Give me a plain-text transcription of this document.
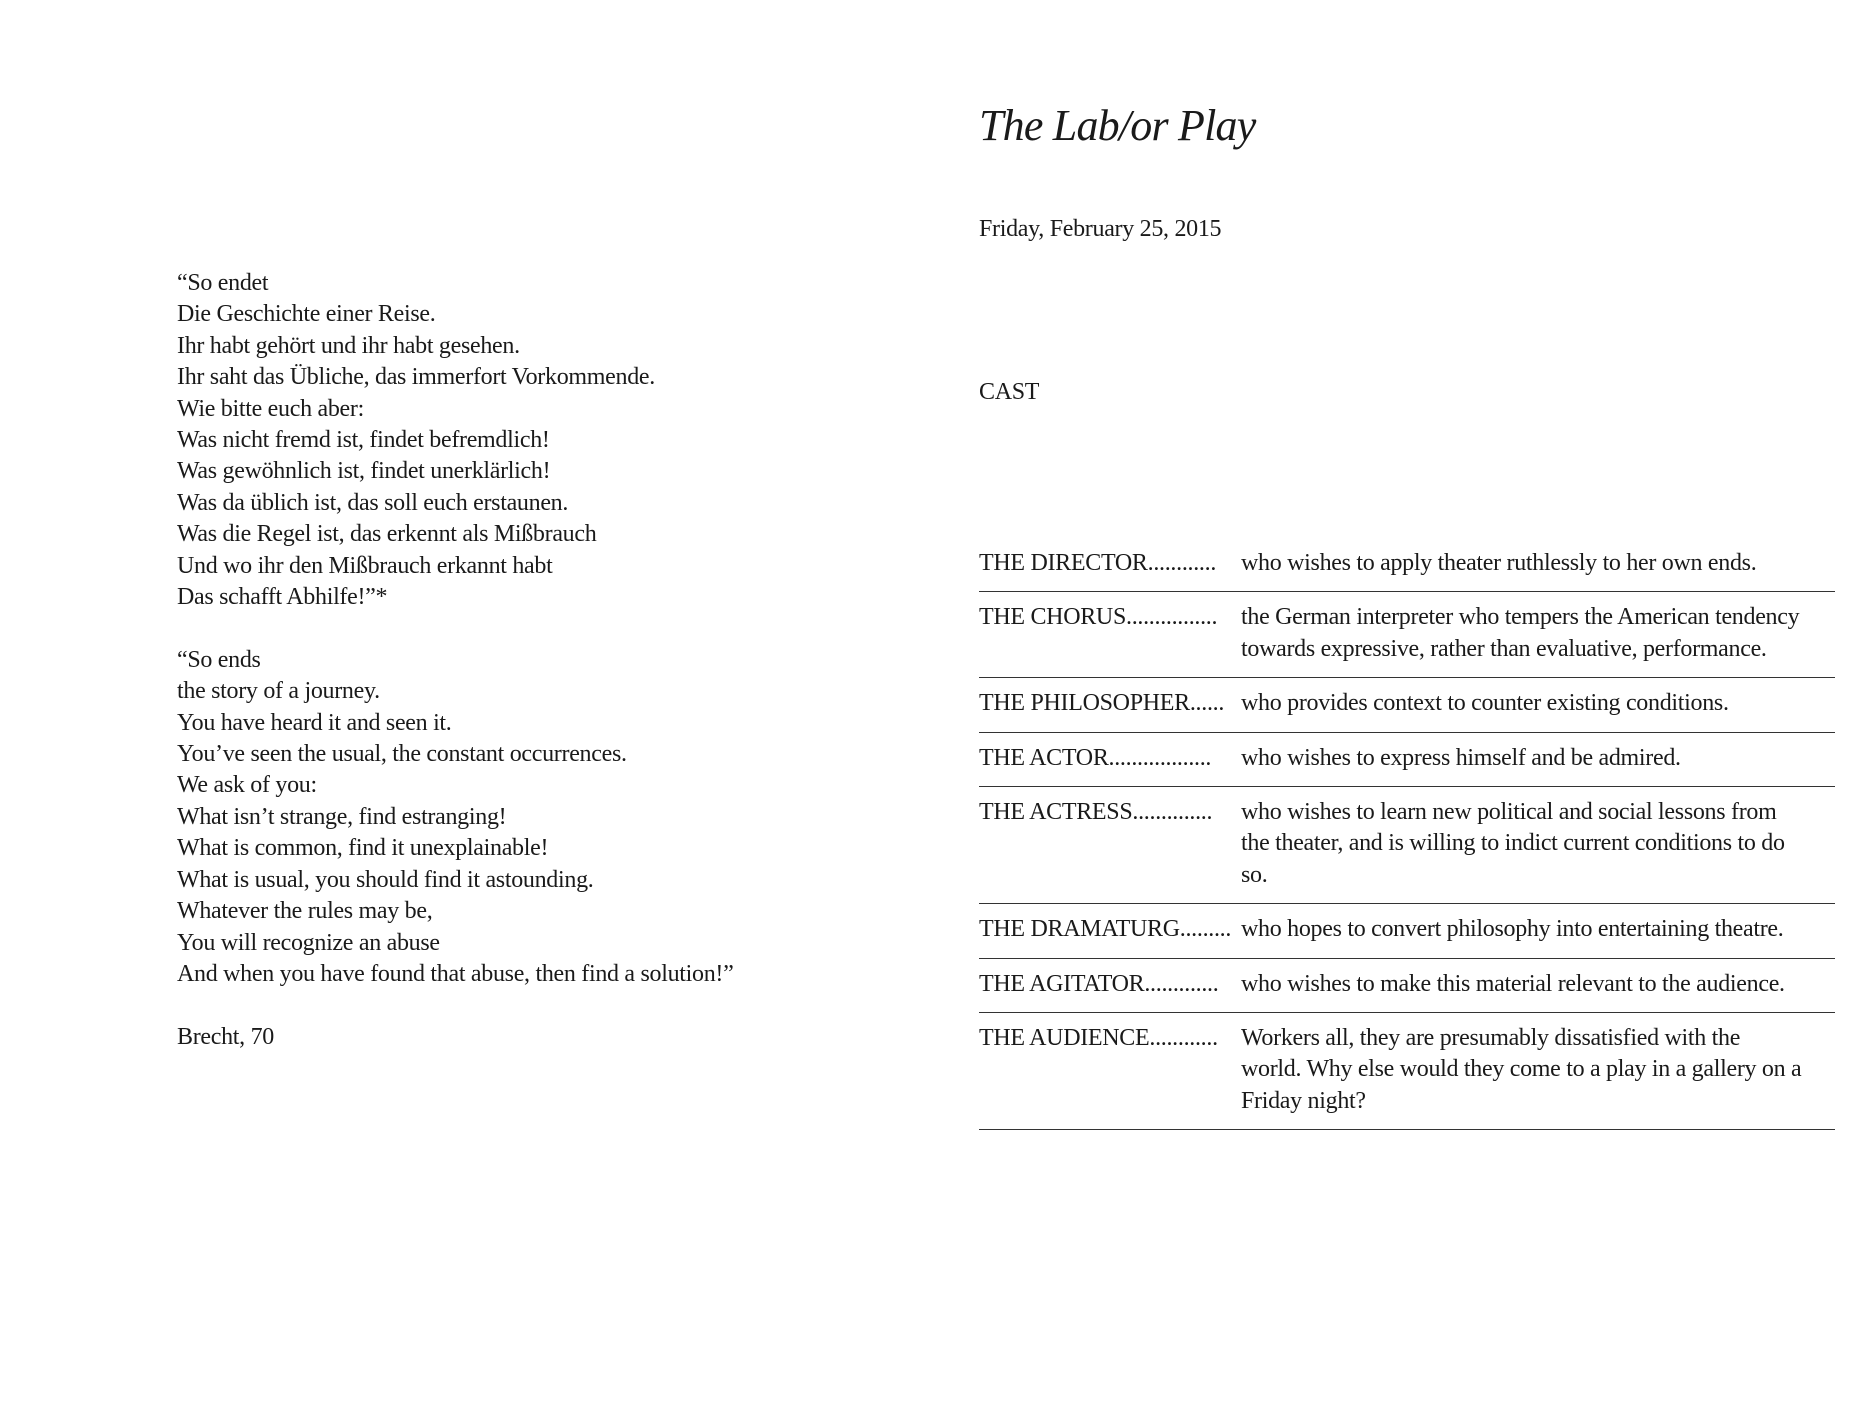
“So endet
Die Geschichte einer Reise.
Ihr habt gehört und ihr habt gesehen.
Ihr saht das Übliche, das immerfort Vorkommende.
Wie bitte euch aber:
Was nicht fremd ist, findet befremdlich!
Was gewöhnlich ist, findet unerklärlich!
Was da üblich ist, das soll euch erstaunen.
Was die Regel ist, das erkennt als Mißbrauch
Und wo ihr den Mißbrauch erkannt habt
Das schafft Abhilfe!”*
“So ends
the story of a journey.
You have heard it and seen it.
You’ve seen the usual, the constant occurrences.
We ask of you:
What isn’t strange, find estranging!
What is common, find it unexplainable!
What is usual, you should find it astounding.
Whatever the rules may be,
You will recognize an abuse
And when you have found that abuse, then find a solution!”
Brecht, 70
The Lab/or Play
Friday, February 25, 2015
CAST
THE DIRECTOR............	who wishes to apply theater ruthlessly to her own ends.
THE CHORUS................ the German interpreter who tempers the American tendency towards expressive, rather than evaluative, performance.
THE PHILOSOPHER...... who provides context to counter existing conditions.
THE ACTOR..................	who wishes to express himself and be admired.
THE ACTRESS..............	who wishes to learn new political and social lessons from the theater, and is willing to indict current conditions to do so.
THE DRAMATURG......... who hopes to convert philosophy into entertaining theatre.
THE AGITATOR............. who wishes to make this material relevant to the audience.
THE AUDIENCE............ Workers all, they are presumably dissatisfied with the world. Why else would they come to a play in a gallery on a Friday night?
